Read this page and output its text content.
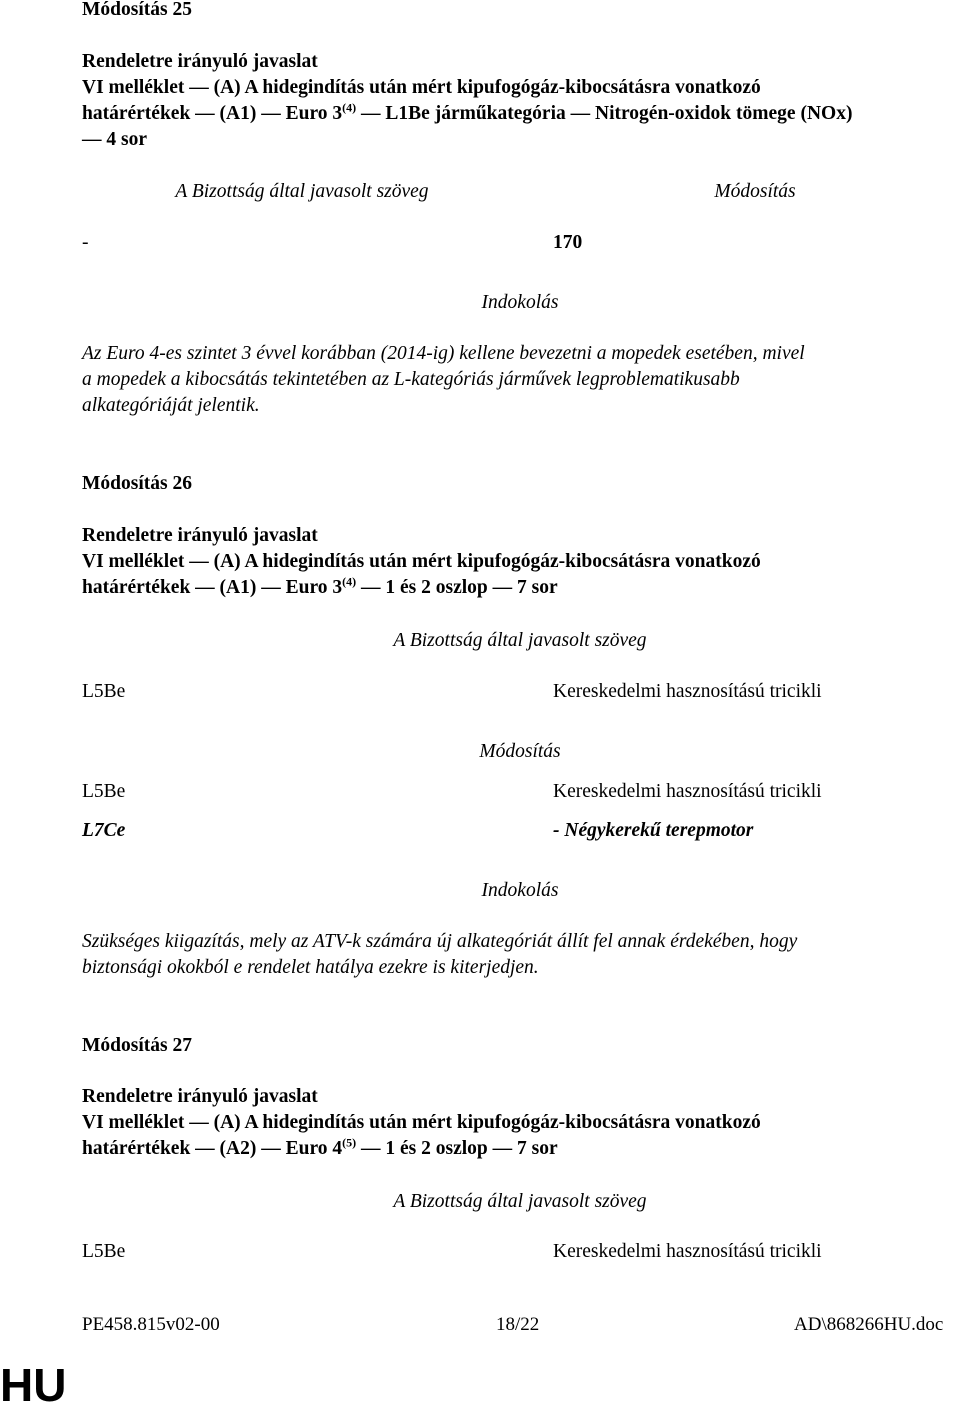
Módosítás 25
Rendeletre irányuló javaslat
VI melléklet — (A) A hidegindítás után mért kipufogógáz-kibocsátásra vonatkozó
határértékek — (A1) — Euro 3$^{(4)}$ — L1Be járműkategória — Nitrogén-oxidok tömege (NOx)
— 4 sor
A Bizottság által javasolt szöveg	Módosítás
-	170
Indokolás
Az Euro 4-es szintet 3 évvel korábban (2014-ig) kellene bevezetni a mopedek esetében, mivel
a mopedek a kibocsátás tekintetében az L-kategóriás járművek legproblematikusabb
alkategóriáját jelentik.
Módosítás 26
Rendeletre irányuló javaslat
VI melléklet — (A) A hidegindítás után mért kipufogógáz-kibocsátásra vonatkozó
határértékek — (A1) — Euro 3$^{(4)}$ — 1 és 2 oszlop — 7 sor
A Bizottság által javasolt szöveg
L5Be	Kereskedelmi hasznosítású tricikli
Módosítás
L5Be	Kereskedelmi hasznosítású tricikli
L7Ce	- Négykerekű terepmotor
Indokolás
Szükséges kiigazítás, mely az ATV-k számára új alkategóriát állít fel annak érdekében, hogy
biztonsági okokból e rendelet hatálya ezekre is kiterjedjen.
Módosítás 27
Rendeletre irányuló javaslat
VI melléklet — (A) A hidegindítás után mért kipufogógáz-kibocsátásra vonatkozó
határértékek — (A2) — Euro 4$^{(5)}$ — 1 és 2 oszlop — 7 sor
A Bizottság által javasolt szöveg
L5Be	Kereskedelmi hasznosítású tricikli
PE458.815v02-00	18/22	AD\868266HU.doc
HU
